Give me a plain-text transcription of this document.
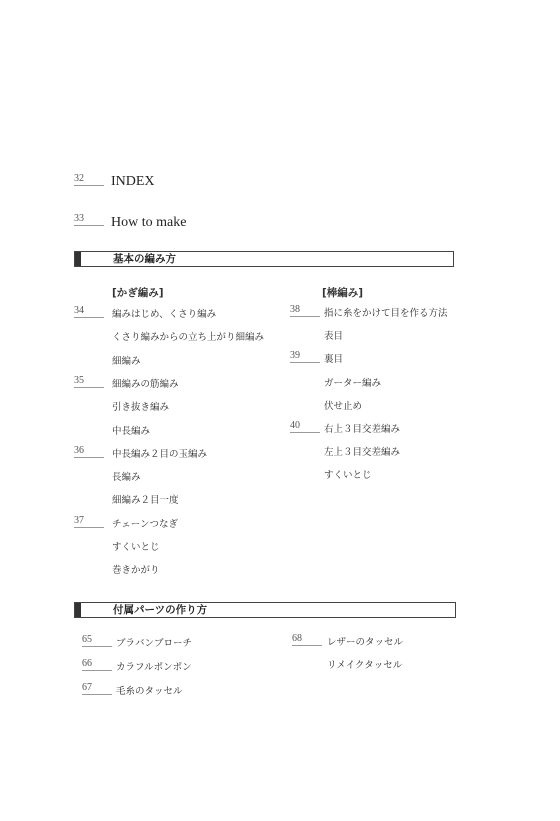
32	INDEX
33	How to make
基本の編み方
[かぎ編み]	[棒編み]
34	編みはじめ、くさり編み
くさり編みからの立ち上がり細編み
細編み
35	細編みの筋編み
引き抜き編み
中長編み
36	中長編み２目の玉編み
長編み
細編み２目一度
37	チェーンつなぎ
すくいとじ
巻きかがり
38	指に糸をかけて目を作る方法
表目
39	裏目
ガーター編み
伏せ止め
40	右上３目交差編み
左上３目交差編み
すくいとじ
付属パーツの作り方
65	ブラバンブローチ
66	カラフルポンポン
67	毛糸のタッセル
68	レザーのタッセル
リメイクタッセル
